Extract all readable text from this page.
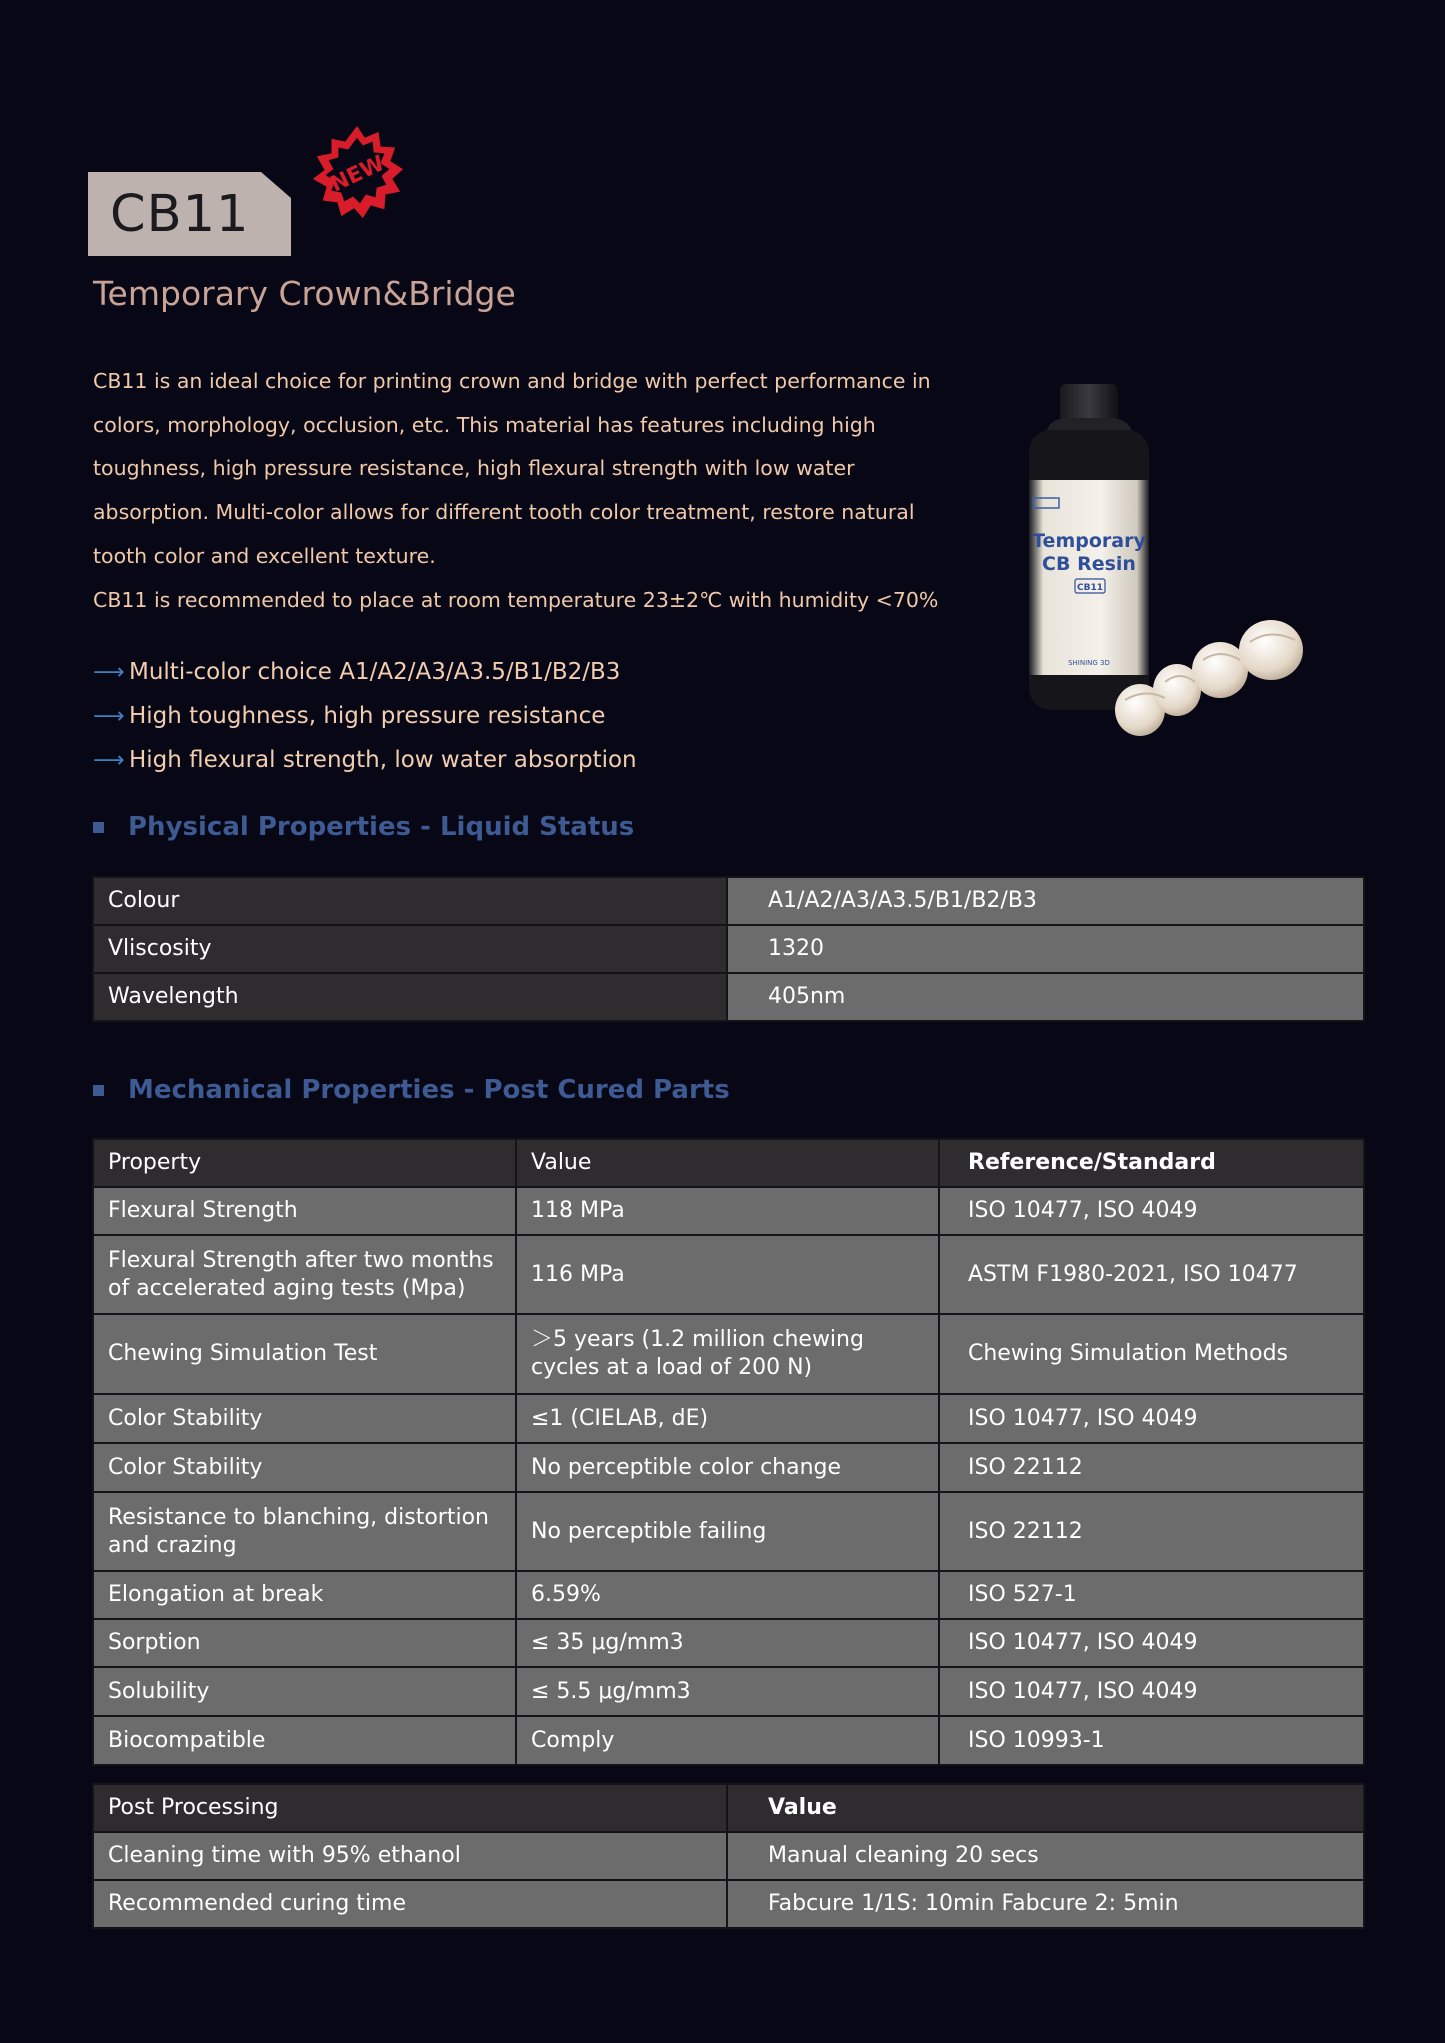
CB11
NEW
Temporary Crown&Bridge

CB11 is an ideal choice for printing crown and bridge with perfect performance in colors, morphology, occlusion, etc. This material has features including high toughness, high pressure resistance, high flexural strength with low water absorption. Multi-color allows for different tooth color treatment, restore natural tooth color and excellent texture.

CB11 is recommended to place at room temperature 23±2℃ with humidity <70%

⟶ Multi-color choice A1/A2/A3/A3.5/B1/B2/B3
⟶ High toughness, high pressure resistance
⟶ High flexural strength, low water absorption
Temporary
CB Resin
CB11
SHINING 3D
Physical Properties - Liquid Status
Colour	A1/A2/A3/A3.5/B1/B2/B3
Vliscosity	1320
Wavelength	405nm
Mechanical Properties - Post Cured Parts
Property	Value	Reference/Standard
Flexural Strength	118 MPa	ISO 10477, ISO 4049
Flexural Strength after two months of accelerated aging tests (Mpa)	116 MPa	ASTM F1980-2021, ISO 10477
Chewing Simulation Test	＞5 years (1.2 million chewing cycles at a load of 200 N)	Chewing Simulation Methods
Color Stability	≤1 (CIELAB, dE)	ISO 10477, ISO 4049
Color Stability	No perceptible color change	ISO 22112
Resistance to blanching, distortion and crazing	No perceptible failing	ISO 22112
Elongation at break	6.59%	ISO 527-1
Sorption	≤ 35 μg/mm3	ISO 10477, ISO 4049
Solubility	≤ 5.5 μg/mm3	ISO 10477, ISO 4049
Biocompatible	Comply	ISO 10993-1
Post Processing	Value
Cleaning time with 95% ethanol	Manual cleaning 20 secs
Recommended curing time	Fabcure 1/1S: 10min Fabcure 2: 5min
